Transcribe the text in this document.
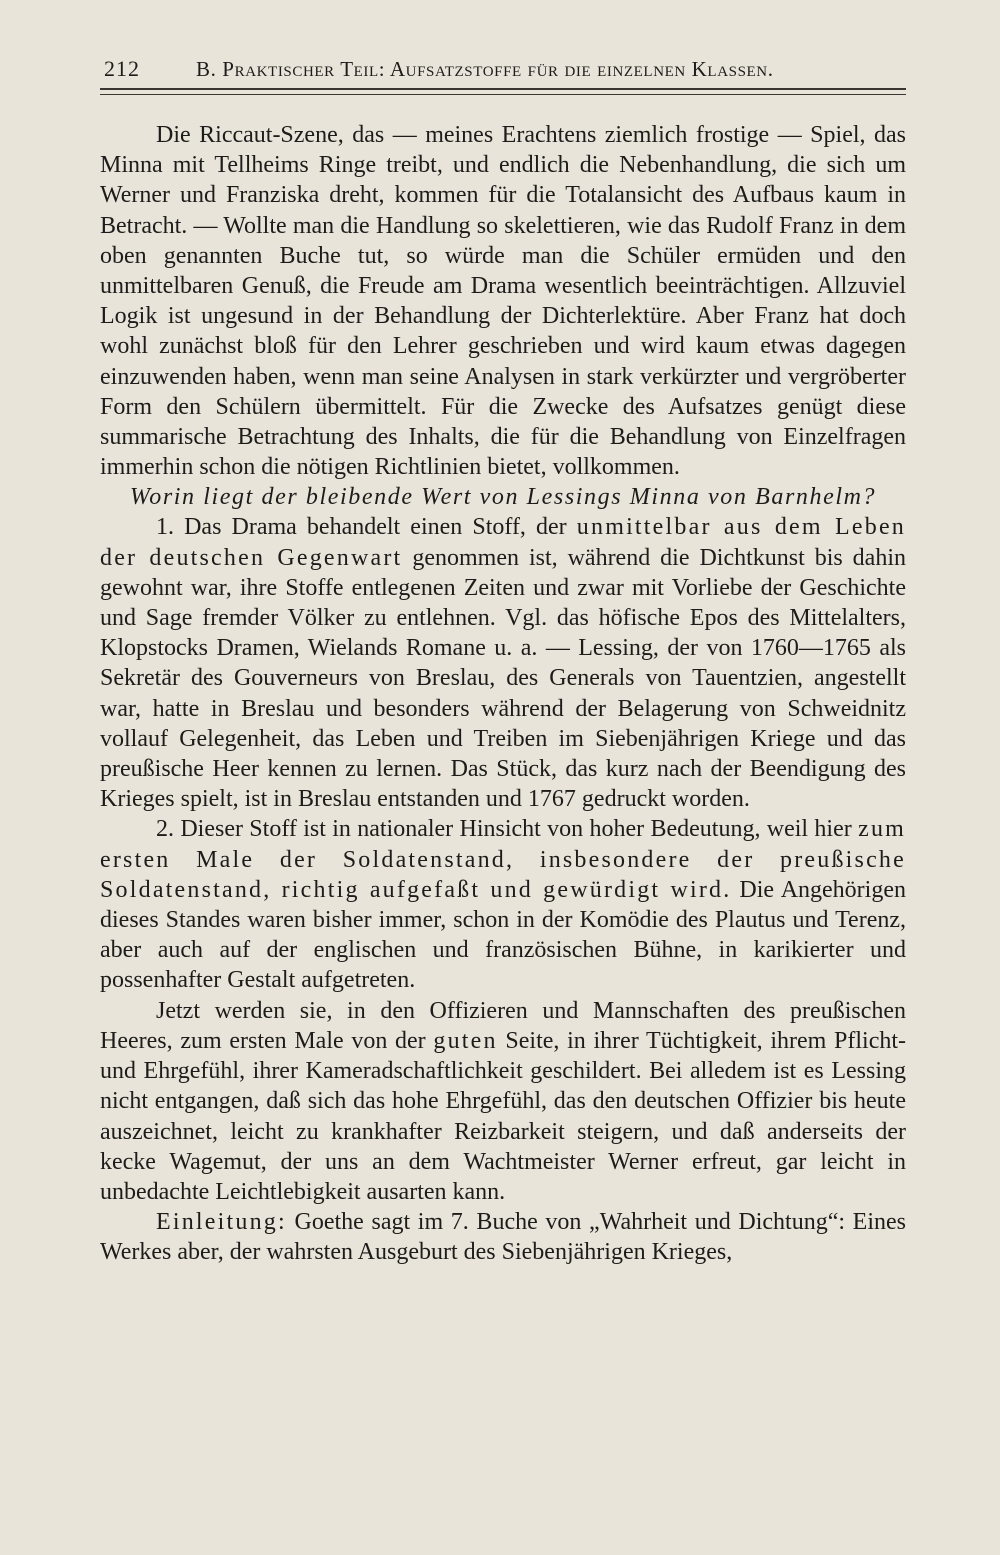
212	B. Praktischer Teil: Aufsatzstoffe für die einzelnen Klassen.

Die Riccaut-Szene, das — meines Erachtens ziemlich frostige — Spiel, das Minna mit Tellheims Ringe treibt, und endlich die Nebenhandlung, die sich um Werner und Franziska dreht, kommen für die Totalansicht des Aufbaus kaum in Betracht. — Wollte man die Handlung so skelettieren, wie das Rudolf Franz in dem oben genannten Buche tut, so würde man die Schüler ermüden und den unmittelbaren Genuß, die Freude am Drama wesentlich beeinträchtigen. Allzuviel Logik ist ungesund in der Behandlung der Dichterlektüre. Aber Franz hat doch wohl zunächst bloß für den Lehrer geschrieben und wird kaum etwas dagegen einzuwenden haben, wenn man seine Analysen in stark verkürzter und vergröberter Form den Schülern übermittelt. Für die Zwecke des Aufsatzes genügt diese summarische Betrachtung des Inhalts, die für die Behandlung von Einzelfragen immerhin schon die nötigen Richtlinien bietet, vollkommen.

Worin liegt der bleibende Wert von Lessings Minna von Barnhelm?

1. Das Drama behandelt einen Stoff, der unmittelbar aus dem Leben der deutschen Gegenwart genommen ist, während die Dichtkunst bis dahin gewohnt war, ihre Stoffe entlegenen Zeiten und zwar mit Vorliebe der Geschichte und Sage fremder Völker zu entlehnen. Vgl. das höfische Epos des Mittelalters, Klopstocks Dramen, Wielands Romane u. a. — Lessing, der von 1760—1765 als Sekretär des Gouverneurs von Breslau, des Generals von Tauentzien, angestellt war, hatte in Breslau und besonders während der Belagerung von Schweidnitz vollauf Gelegenheit, das Leben und Treiben im Siebenjährigen Kriege und das preußische Heer kennen zu lernen. Das Stück, das kurz nach der Beendigung des Krieges spielt, ist in Breslau entstanden und 1767 gedruckt worden.

2. Dieser Stoff ist in nationaler Hinsicht von hoher Bedeutung, weil hier zum ersten Male der Soldatenstand, insbesondere der preußische Soldatenstand, richtig aufgefaßt und gewürdigt wird. Die Angehörigen dieses Standes waren bisher immer, schon in der Komödie des Plautus und Terenz, aber auch auf der englischen und französischen Bühne, in karikierter und possenhafter Gestalt aufgetreten.

Jetzt werden sie, in den Offizieren und Mannschaften des preußischen Heeres, zum ersten Male von der guten Seite, in ihrer Tüchtigkeit, ihrem Pflicht- und Ehrgefühl, ihrer Kameradschaftlichkeit geschildert. Bei alledem ist es Lessing nicht entgangen, daß sich das hohe Ehrgefühl, das den deutschen Offizier bis heute auszeichnet, leicht zu krankhafter Reizbarkeit steigern, und daß anderseits der kecke Wagemut, der uns an dem Wachtmeister Werner erfreut, gar leicht in unbedachte Leichtlebigkeit ausarten kann.

Einleitung: Goethe sagt im 7. Buche von „Wahrheit und Dichtung“: Eines Werkes aber, der wahrsten Ausgeburt des Siebenjährigen Krieges,
